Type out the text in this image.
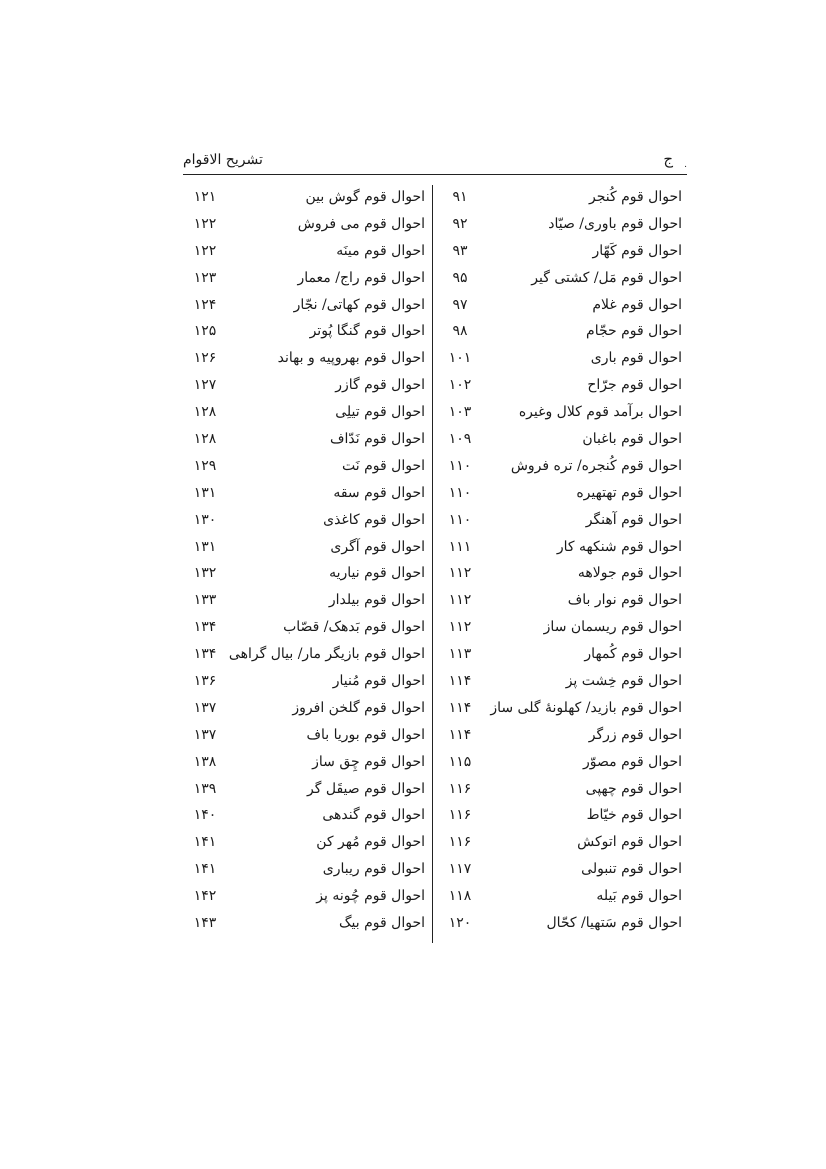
تشریح الاقوام	ج .
احوال قوم کُنجر
۹۱
احوال قوم باوری/ صیّاد
۹۲
احوال قوم کَهّار
۹۳
احوال قوم مَل/ کشتی گیر
۹۵
احوال قوم غلام
۹۷
احوال قوم حجّام
۹۸
احوال قوم باری
۱۰۱
احوال قوم جرّاح
۱۰۲
احوال برآمد قوم کلال وغیره
۱۰۳
احوال قوم باغبان
۱۰۹
احوال قوم کُنجره/ تره فروش
۱۱۰
احوال قوم تهتهیره
۱۱۰
احوال قوم آهنگر
۱۱۰
احوال قوم شنکهه کار
۱۱۱
احوال قوم جولاهه
۱۱۲
احوال قوم نوار باف
۱۱۲
احوال قوم ریسمان ساز
۱۱۲
احوال قوم کُمهار
۱۱۳
احوال قوم خِشت پز
۱۱۴
احوال قوم بازید/ کهلونهٔ گلی ساز
۱۱۴
احوال قوم زرگر
۱۱۴
احوال قوم مصوّر
۱۱۵
احوال قوم چهپی
۱۱۶
احوال قوم خیّاط
۱۱۶
احوال قوم اتوکش
۱۱۶
احوال قوم تنبولی
۱۱۷
احوال قوم بَیله
۱۱۸
احوال قوم سَتهیا/ کحّال
۱۲۰
احوال قوم گوش بین
۱۲۱
احوال قوم می فروش
۱۲۲
احوال قوم مینَه
۱۲۲
احوال قوم راج/ معمار
۱۲۳
احوال قوم کهاتی/ نجّار
۱۲۴
احوال قوم گنگا پُوتر
۱۲۵
احوال قوم بهروپیه و بهاند
۱۲۶
احوال قوم گازر
۱۲۷
احوال قوم تیلِی
۱۲۸
احوال قوم نَدّاف
۱۲۸
احوال قوم نَت
۱۲۹
احوال قوم سقه
۱۳۱
احوال قوم کاغذی
۱۳۰
احوال قوم آگری
۱۳۱
احوال قوم نیاریه
۱۳۲
احوال قوم بیلدار
۱۳۳
احوال قوم بَدهک/ قصّاب
۱۳۴
احوال قوم بازیگر مار/ بیال گراهی
۱۳۴
احوال قوم مُنیار
۱۳۶
احوال قوم گلخن افروز
۱۳۷
احوال قوم بوریا باف
۱۳۷
احوال قوم چِق ساز
۱۳۸
احوال قوم صیقَل گر
۱۳۹
احوال قوم گندهی
۱۴۰
احوال قوم مُهر کن
۱۴۱
احوال قوم ریباری
۱۴۱
احوال قوم چُونه پز
۱۴۲
احوال قوم بیگ
۱۴۳
